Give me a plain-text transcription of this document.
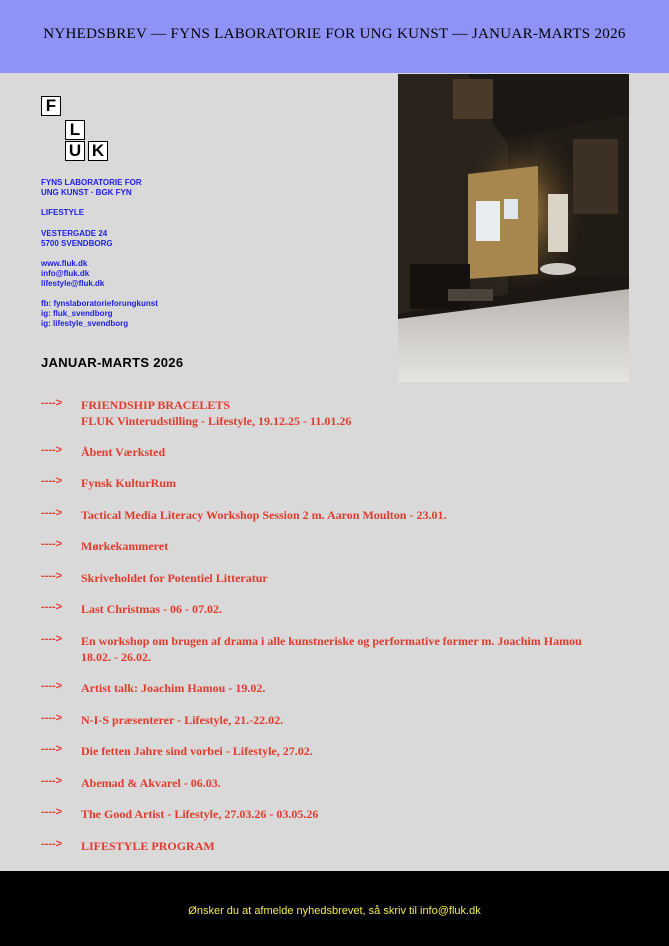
NYHEDSBREV –– FYNS LABORATORIE FOR UNG KUNST –– JANUAR-MARTS 2026
F
L
U K

FYNS LABORATORIE FOR

UNG KUNST · BGK FYN

LIFESTYLE

VESTERGADE 24

5700 SVENDBORG

www.fluk.dk

info@fluk.dk

lifestyle@fluk.dk

fb: fynslaboratorieforungkunst

ig: fluk_svendborg

ig: lifestyle_svendborg

JANUAR-MARTS 2026
----> FRIENDSHIP BRACELETS
FLUK Vinterudstilling - Lifestyle, 19.12.25 - 11.01.26
----> Åbent Værksted
----> Fynsk KulturRum
----> Tactical Media Literacy Workshop Session 2 m. Aaron Moulton - 23.01.
----> Mørkekammeret
----> Skriveholdet for Potentiel Litteratur
----> Last Christmas - 06 - 07.02.
----> En workshop om brugen af drama i alle kunstneriske og performative former m. Joachim Hamou
18.02. - 26.02.
----> Artist talk: Joachim Hamou - 19.02.
----> N-I-S præsenterer - Lifestyle, 21.-22.02.
----> Die fetten Jahre sind vorbei - Lifestyle, 27.02.
----> Abemad & Akvarel - 06.03.
----> The Good Artist - Lifestyle, 27.03.26 - 03.05.26
----> LIFESTYLE PROGRAM
Ønsker du at afmelde nyhedsbrevet, så skriv til info@fluk.dk
